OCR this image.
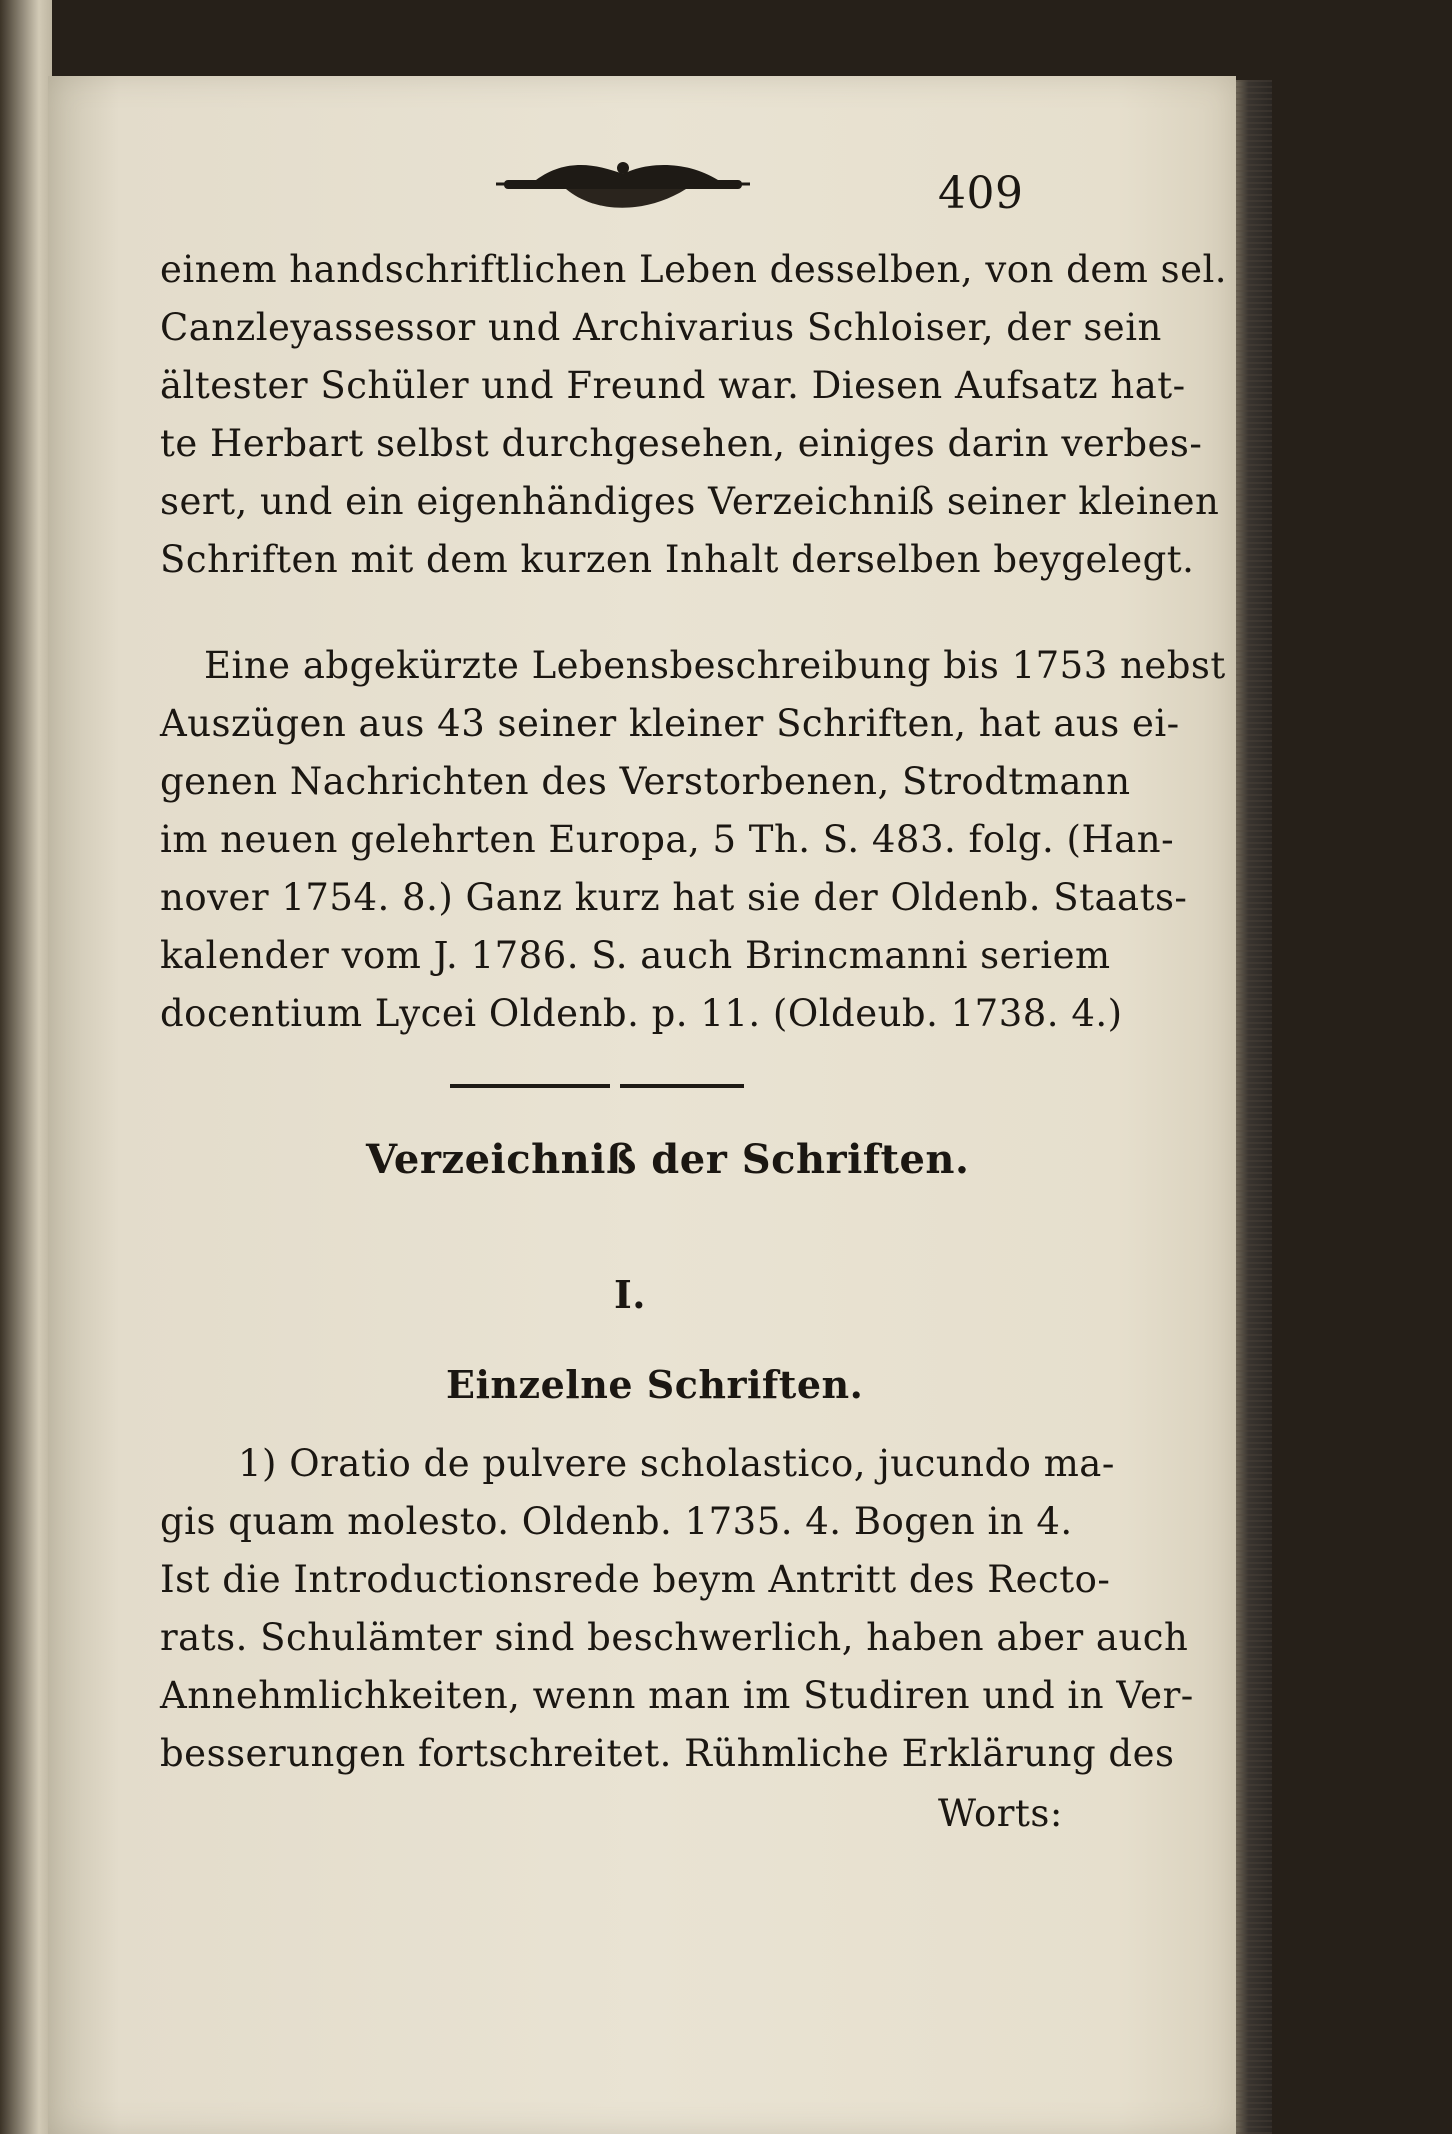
409
einem handschriftlichen Leben desselben, von dem sel.
Canzleyassessor und Archivarius Schloiser, der sein
ältester Schüler und Freund war. Diesen Aufsatz hat-
te Herbart selbst durchgesehen, einiges darin verbes-
sert, und ein eigenhändiges Verzeichniß seiner kleinen
Schriften mit dem kurzen Inhalt derselben beygelegt.
Eine abgekürzte Lebensbeschreibung bis 1753 nebst
Auszügen aus 43 seiner kleiner Schriften, hat aus ei-
genen Nachrichten des Verstorbenen, Strodtmann
im neuen gelehrten Europa, 5 Th. S. 483. folg. (Han-
nover 1754. 8.) Ganz kurz hat sie der Oldenb. Staats-
kalender vom J. 1786. S. auch Brincmanni seriem
docentium Lycei Oldenb. p. 11. (Oldeub. 1738. 4.)
Verzeichniß der Schriften.
I.
Einzelne Schriften.
1) Oratio de pulvere scholastico, jucundo ma-
gis quam molesto. Oldenb. 1735. 4. Bogen in 4.
Ist die Introductionsrede beym Antritt des Recto-
rats. Schulämter sind beschwerlich, haben aber auch
Annehmlichkeiten, wenn man im Studiren und in Ver-
besserungen fortschreitet. Rühmliche Erklärung des
Worts:
